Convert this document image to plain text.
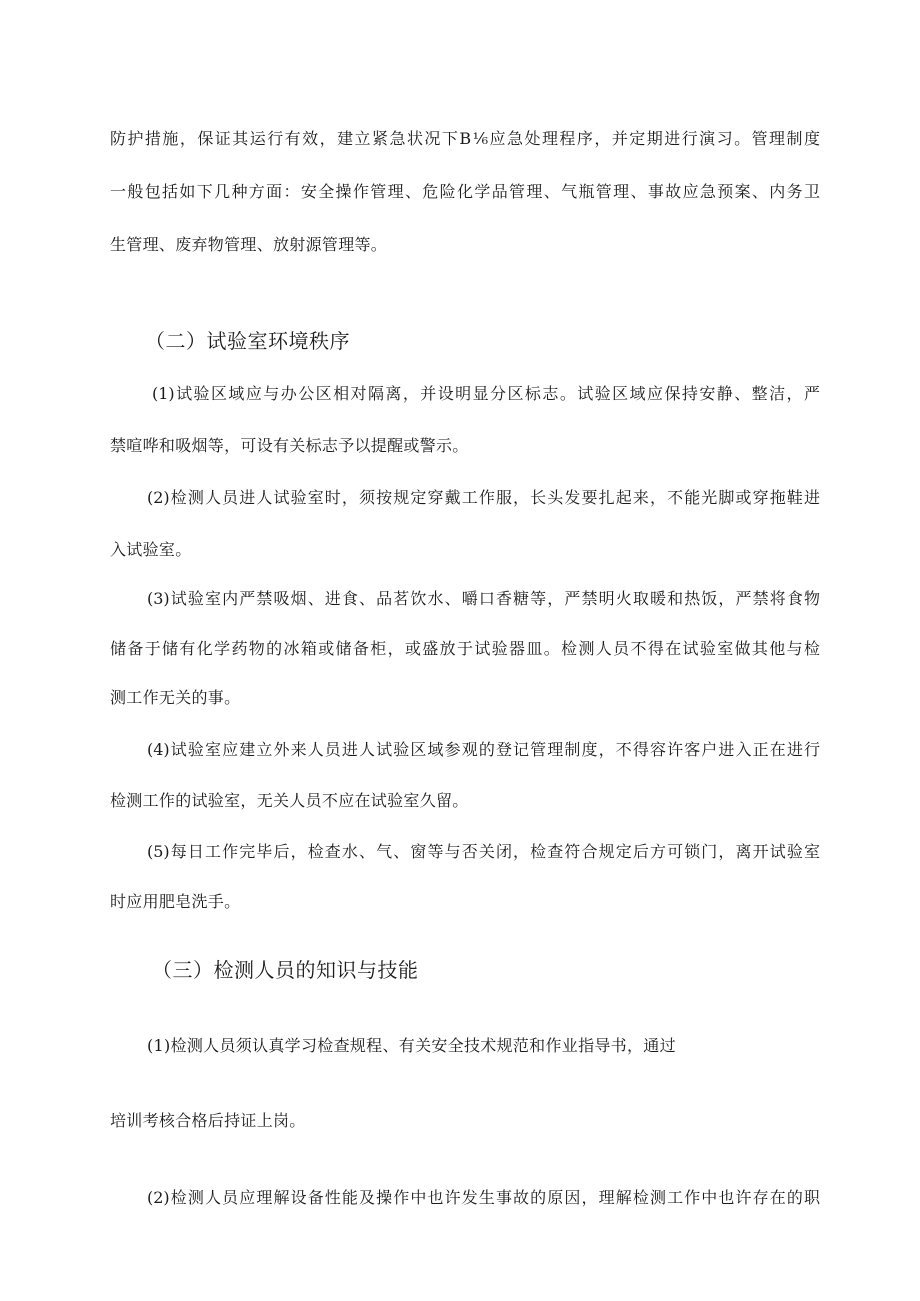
防护措施，保证其运行有效，建立紧急状况下B⅙应急处理程序，并定期进行演习。管理制度
一般包括如下几种方面：安全操作管理、危险化学品管理、气瓶管理、事故应急预案、内务卫
生管理、废弃物管理、放射源管理等。
（二）试验室环境秩序
(1)试验区域应与办公区相对隔离，并设明显分区标志。试验区域应保持安静、整洁，严
禁喧哗和吸烟等，可设有关标志予以提醒或警示。
(2)检测人员进人试验室时，须按规定穿戴工作服，长头发要扎起来，不能光脚或穿拖鞋进
入试验室。
(3)试验室内严禁吸烟、进食、品茗饮水、嚼口香糖等，严禁明火取暖和热饭，严禁将食物
储备于储有化学药物的冰箱或储备柜，或盛放于试验器皿。检测人员不得在试验室做其他与检
测工作无关的事。
(4)试验室应建立外来人员进人试验区域参观的登记管理制度，不得容许客户进入正在进行
检测工作的试验室，无关人员不应在试验室久留。
(5)每日工作完毕后，检查水、气、窗等与否关闭，检查符合规定后方可锁门，离开试验室
时应用肥皂洗手。
（三）检测人员的知识与技能
(1)检测人员须认真学习检查规程、有关安全技术规范和作业指导书，通过
培训考核合格后持证上岗。
(2)检测人员应理解设备性能及操作中也许发生事故的原因，理解检测工作中也许存在的职
